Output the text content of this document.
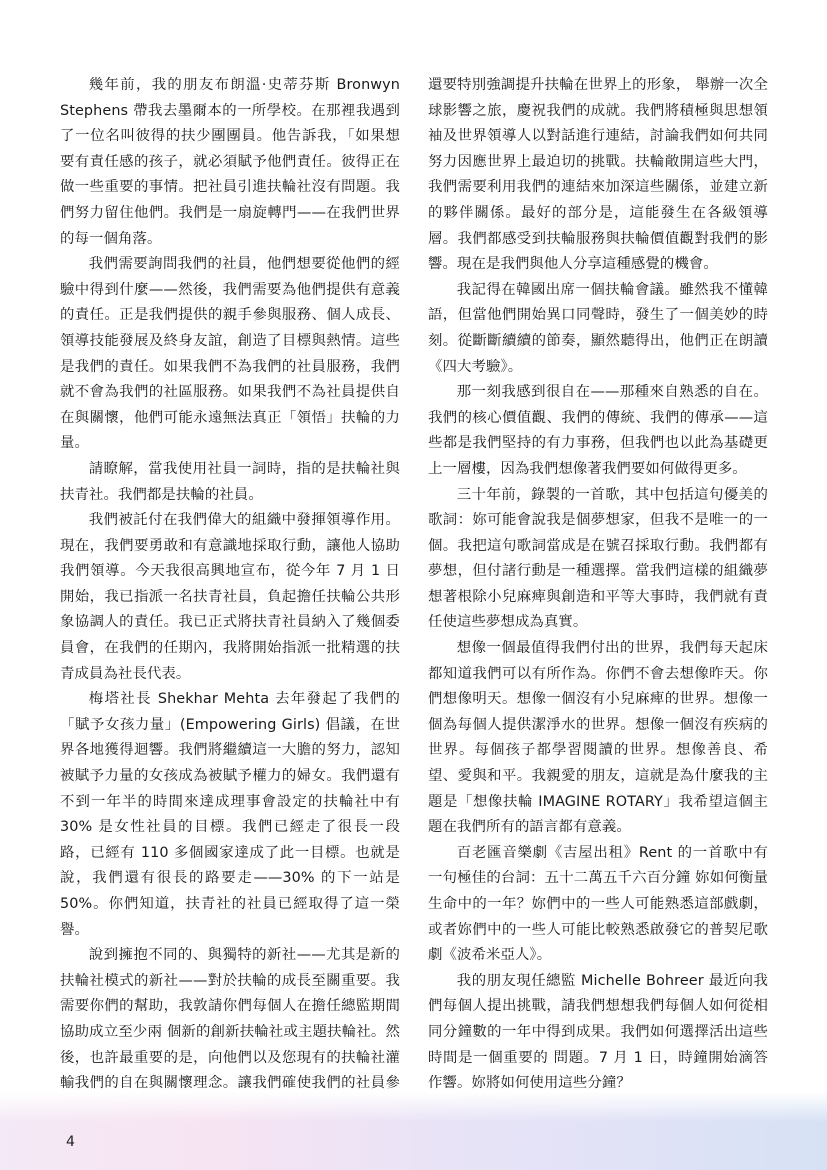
幾年前，我的朋友布朗溫·史蒂芬斯 Bronwyn Stephens 帶我去墨爾本的一所學校。在那裡我遇到了一位名叫彼得的扶少團團員。他告訴我，「如果想要有責任感的孩子，就必須賦予他們責任。彼得正在做一些重要的事情。把社員引進扶輪社沒有問題。我們努力留住他們。我們是一扇旋轉門——在我們世界的每一個角落。

我們需要詢問我們的社員，他們想要從他們的經驗中得到什麼——然後，我們需要為他們提供有意義的責任。正是我們提供的親手參與服務、個人成長、領導技能發展及終身友誼，創造了目標與熱情。這些是我們的責任。如果我們不為我們的社員服務，我們就不會為我們的社區服務。如果我們不為社員提供自在與關懷，他們可能永遠無法真正「領悟」扶輪的力量。

請瞭解，當我使用社員一詞時，指的是扶輪社與扶青社。我們都是扶輪的社員。

我們被託付在我們偉大的組織中發揮領導作用。現在，我們要勇敢和有意識地採取行動，讓他人協助我們領導。今天我很高興地宣布，從今年 7 月 1 日開始，我已指派一名扶青社員，負起擔任扶輪公共形象協調人的責任。我已正式將扶青社員納入了幾個委員會，在我們的任期內，我將開始指派一批精選的扶青成員為社長代表。

梅塔社長 Shekhar Mehta 去年發起了我們的「賦予女孩力量」(Empowering Girls) 倡議，在世界各地獲得迴響。我們將繼續這一大膽的努力，認知被賦予力量的女孩成為被賦予權力的婦女。我們還有不到一年半的時間來達成理事會設定的扶輪社中有 30% 是女性社員的目標。我們已經走了很長一段路，已經有 110 多個國家達成了此一目標。也就是說，我們還有很長的路要走——30% 的下一站是 50%。你們知道，扶青社的社員已經取得了這一榮譽。

說到擁抱不同的、與獨特的新社——尤其是新的扶輪社模式的新社——對於扶輪的成長至關重要。我需要你們的幫助，我敦請你們每個人在擔任總監期間協助成立至少兩 個新的創新扶輪社或主題扶輪社。然後，也許最重要的是，向他們以及您現有的扶輪社灌輸我們的自在與關懷理念。讓我們確使我們的社員參

還要特別強調提升扶輪在世界上的形象， 舉辦一次全球影響之旅，慶祝我們的成就。我們將積極與思想領袖及世界領導人以對話進行連結，討論我們如何共同努力因應世界上最迫切的挑戰。扶輪敞開這些大門，我們需要利用我們的連結來加深這些關係，並建立新的夥伴關係。最好的部分是，這能發生在各級領導層。我們都感受到扶輪服務與扶輪價值觀對我們的影響。現在是我們與他人分享這種感覺的機會。

我記得在韓國出席一個扶輪會議。雖然我不懂韓語，但當他們開始異口同聲時，發生了一個美妙的時刻。從斷斷續續的節奏，顯然聽得出，他們正在朗讀《四大考驗》。

那一刻我感到很自在——那種來自熟悉的自在。我們的核心價值觀、我們的傳統、我們的傳承——這些都是我們堅持的有力事務，但我們也以此為基礎更上一層樓，因為我們想像著我們要如何做得更多。

三十年前，錄製的一首歌，其中包括這句優美的歌詞：妳可能會說我是個夢想家，但我不是唯一的一個。我把這句歌詞當成是在號召採取行動。我們都有夢想，但付諸行動是一種選擇。當我們這樣的組織夢想著根除小兒麻痺與創造和平等大事時，我們就有責任使這些夢想成為真實。

想像一個最值得我們付出的世界，我們每天起床都知道我們可以有所作為。你們不會去想像昨天。你們想像明天。想像一個沒有小兒麻痺的世界。想像一個為每個人提供潔淨水的世界。想像一個沒有疾病的世界。每個孩子都學習閱讀的世界。想像善良、希望、愛與和平。我親愛的朋友，這就是為什麼我的主題是「想像扶輪 IMAGINE ROTARY」我希望這個主題在我們所有的語言都有意義。

百老匯音樂劇《吉屋出租》Rent 的一首歌中有一句極佳的台詞：五十二萬五千六百分鐘 妳如何衡量生命中的一年？妳們中的一些人可能熟悉這部戲劇，或者妳們中的一些人可能比較熟悉啟發它的普契尼歌劇《波希米亞人》。

我的朋友現任總監 Michelle Bohreer 最近向我們每個人提出挑戰，請我們想想我們每個人如何從相同分鐘數的一年中得到成果。我們如何選擇活出這些時間是一個重要的 問題。7 月 1 日，時鐘開始滴答作響。妳將如何使用這些分鐘？

4
